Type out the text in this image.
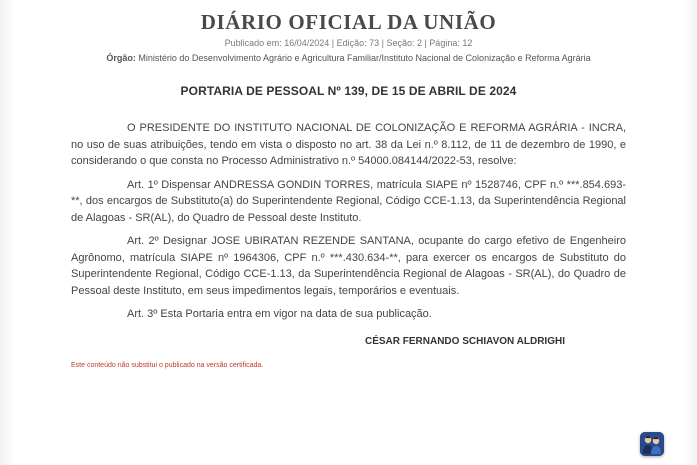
DIÁRIO OFICIAL DA UNIÃO
Publicado em: 16/04/2024 | Edição: 73 | Seção: 2 | Página: 12
Órgão: Ministério do Desenvolvimento Agrário e Agricultura Familiar/Instituto Nacional de Colonização e Reforma Agrária
PORTARIA DE PESSOAL Nº 139, DE 15 DE ABRIL DE 2024

O PRESIDENTE DO INSTITUTO NACIONAL DE COLONIZAÇÃO E REFORMA AGRÁRIA - INCRA, no uso de suas atribuições, tendo em vista o disposto no art. 38 da Lei n.º 8.112, de 11 de dezembro de 1990, e considerando o que consta no Processo Administrativo n.º 54000.084144/2022-53, resolve:

Art. 1º Dispensar ANDRESSA GONDIN TORRES, matrícula SIAPE nº 1528746, CPF n.º ***.854.693-**, dos encargos de Substituto(a) do Superintendente Regional, Código CCE-1.13, da Superintendência Regional de Alagoas - SR(AL), do Quadro de Pessoal deste Instituto.

Art. 2º Designar JOSE UBIRATAN REZENDE SANTANA, ocupante do cargo efetivo de Engenheiro Agrônomo, matrícula SIAPE nº 1964306, CPF n.º ***.430.634-**, para exercer os encargos de Substituto do Superintendente Regional, Código CCE-1.13, da Superintendência Regional de Alagoas - SR(AL), do Quadro de Pessoal deste Instituto, em seus impedimentos legais, temporários e eventuais.

Art. 3º Esta Portaria entra em vigor na data de sua publicação.

CÉSAR FERNANDO SCHIAVON ALDRIGHI
Este conteúdo não substitui o publicado na versão certificada.
